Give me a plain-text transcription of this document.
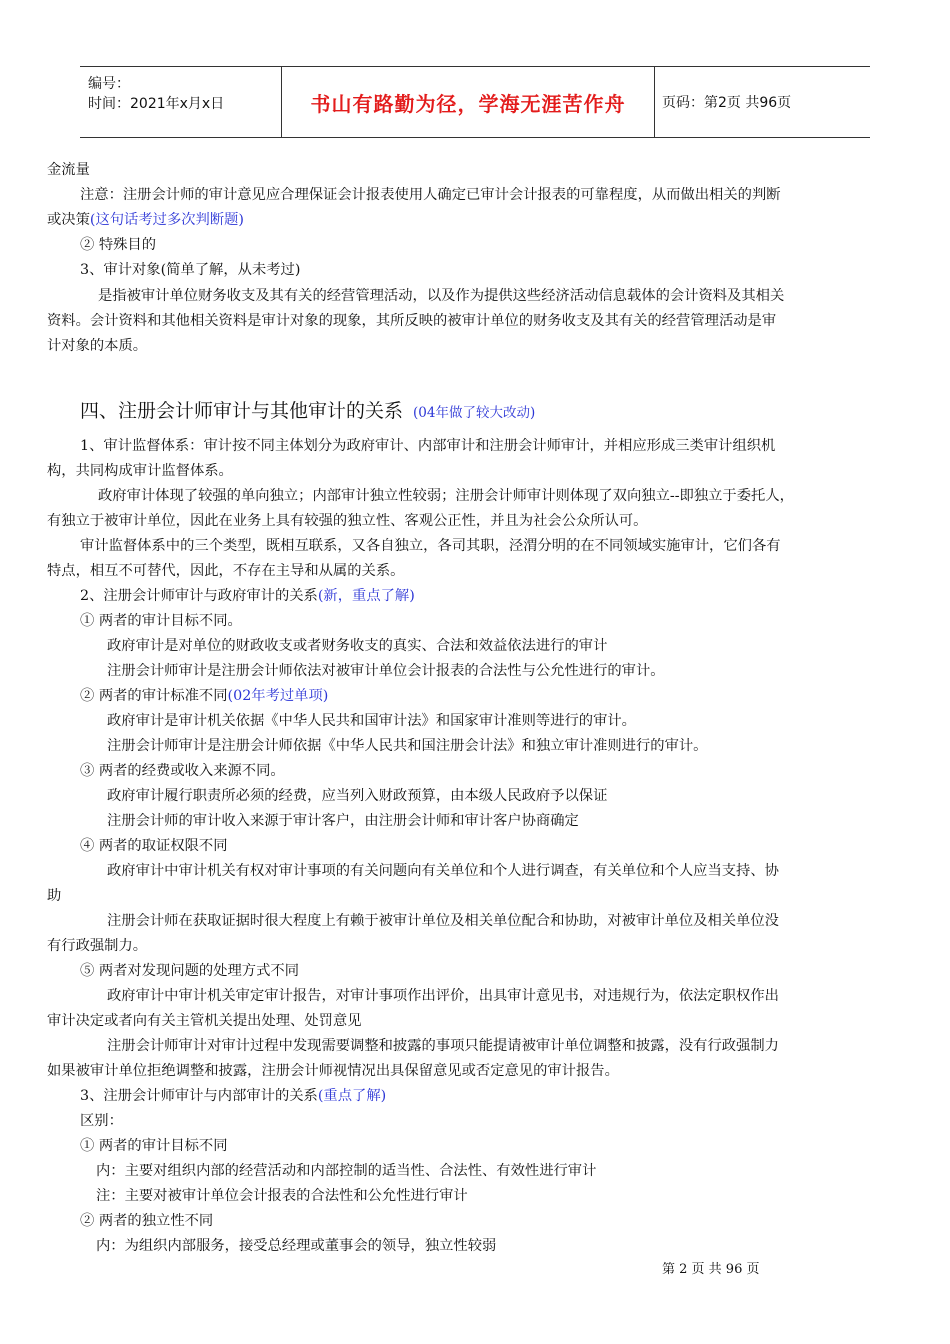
编号：
时间：2021年x月x日	书山有路勤为径，学海无涯苦作舟	页码：第2页 共96页
金流量
注意：注册会计师的审计意见应合理保证会计报表使用人确定已审计会计报表的可靠程度，从而做出相关的判断
或决策(这句话考过多次判断题)
② 特殊目的
3、审计对象(简单了解，从未考过)
是指被审计单位财务收支及其有关的经营管理活动，以及作为提供这些经济活动信息载体的会计资料及其相关
资料。会计资料和其他相关资料是审计对象的现象，其所反映的被审计单位的财务收支及其有关的经营管理活动是审
计对象的本质。
四、注册会计师审计与其他审计的关系 (04年做了较大改动)
1、审计监督体系：审计按不同主体划分为政府审计、内部审计和注册会计师审计，并相应形成三类审计组织机
构，共同构成审计监督体系。
政府审计体现了较强的单向独立；内部审计独立性较弱；注册会计师审计则体现了双向独立--即独立于委托人，
有独立于被审计单位，因此在业务上具有较强的独立性、客观公正性，并且为社会公众所认可。
审计监督体系中的三个类型，既相互联系，又各自独立，各司其职，泾渭分明的在不同领域实施审计，它们各有
特点，相互不可替代，因此，不存在主导和从属的关系。
2、注册会计师审计与政府审计的关系(新，重点了解)
① 两者的审计目标不同。
政府审计是对单位的财政收支或者财务收支的真实、合法和效益依法进行的审计
注册会计师审计是注册会计师依法对被审计单位会计报表的合法性与公允性进行的审计。
② 两者的审计标准不同(02年考过单项)
政府审计是审计机关依据《中华人民共和国审计法》和国家审计准则等进行的审计。
注册会计师审计是注册会计师依据《中华人民共和国注册会计法》和独立审计准则进行的审计。
③ 两者的经费或收入来源不同。
政府审计履行职责所必须的经费，应当列入财政预算，由本级人民政府予以保证
注册会计师的审计收入来源于审计客户，由注册会计师和审计客户协商确定
④ 两者的取证权限不同
政府审计中审计机关有权对审计事项的有关问题向有关单位和个人进行调查，有关单位和个人应当支持、协
助
注册会计师在获取证据时很大程度上有赖于被审计单位及相关单位配合和协助，对被审计单位及相关单位没
有行政强制力。
⑤ 两者对发现问题的处理方式不同
政府审计中审计机关审定审计报告，对审计事项作出评价，出具审计意见书，对违规行为，依法定职权作出
审计决定或者向有关主管机关提出处理、处罚意见
注册会计师审计对审计过程中发现需要调整和披露的事项只能提请被审计单位调整和披露，没有行政强制力
如果被审计单位拒绝调整和披露，注册会计师视情况出具保留意见或否定意见的审计报告。
3、注册会计师审计与内部审计的关系(重点了解)
区别：
① 两者的审计目标不同
内：主要对组织内部的经营活动和内部控制的适当性、合法性、有效性进行审计
注：主要对被审计单位会计报表的合法性和公允性进行审计
② 两者的独立性不同
内：为组织内部服务，接受总经理或董事会的领导，独立性较弱
第 2 页 共 96 页
